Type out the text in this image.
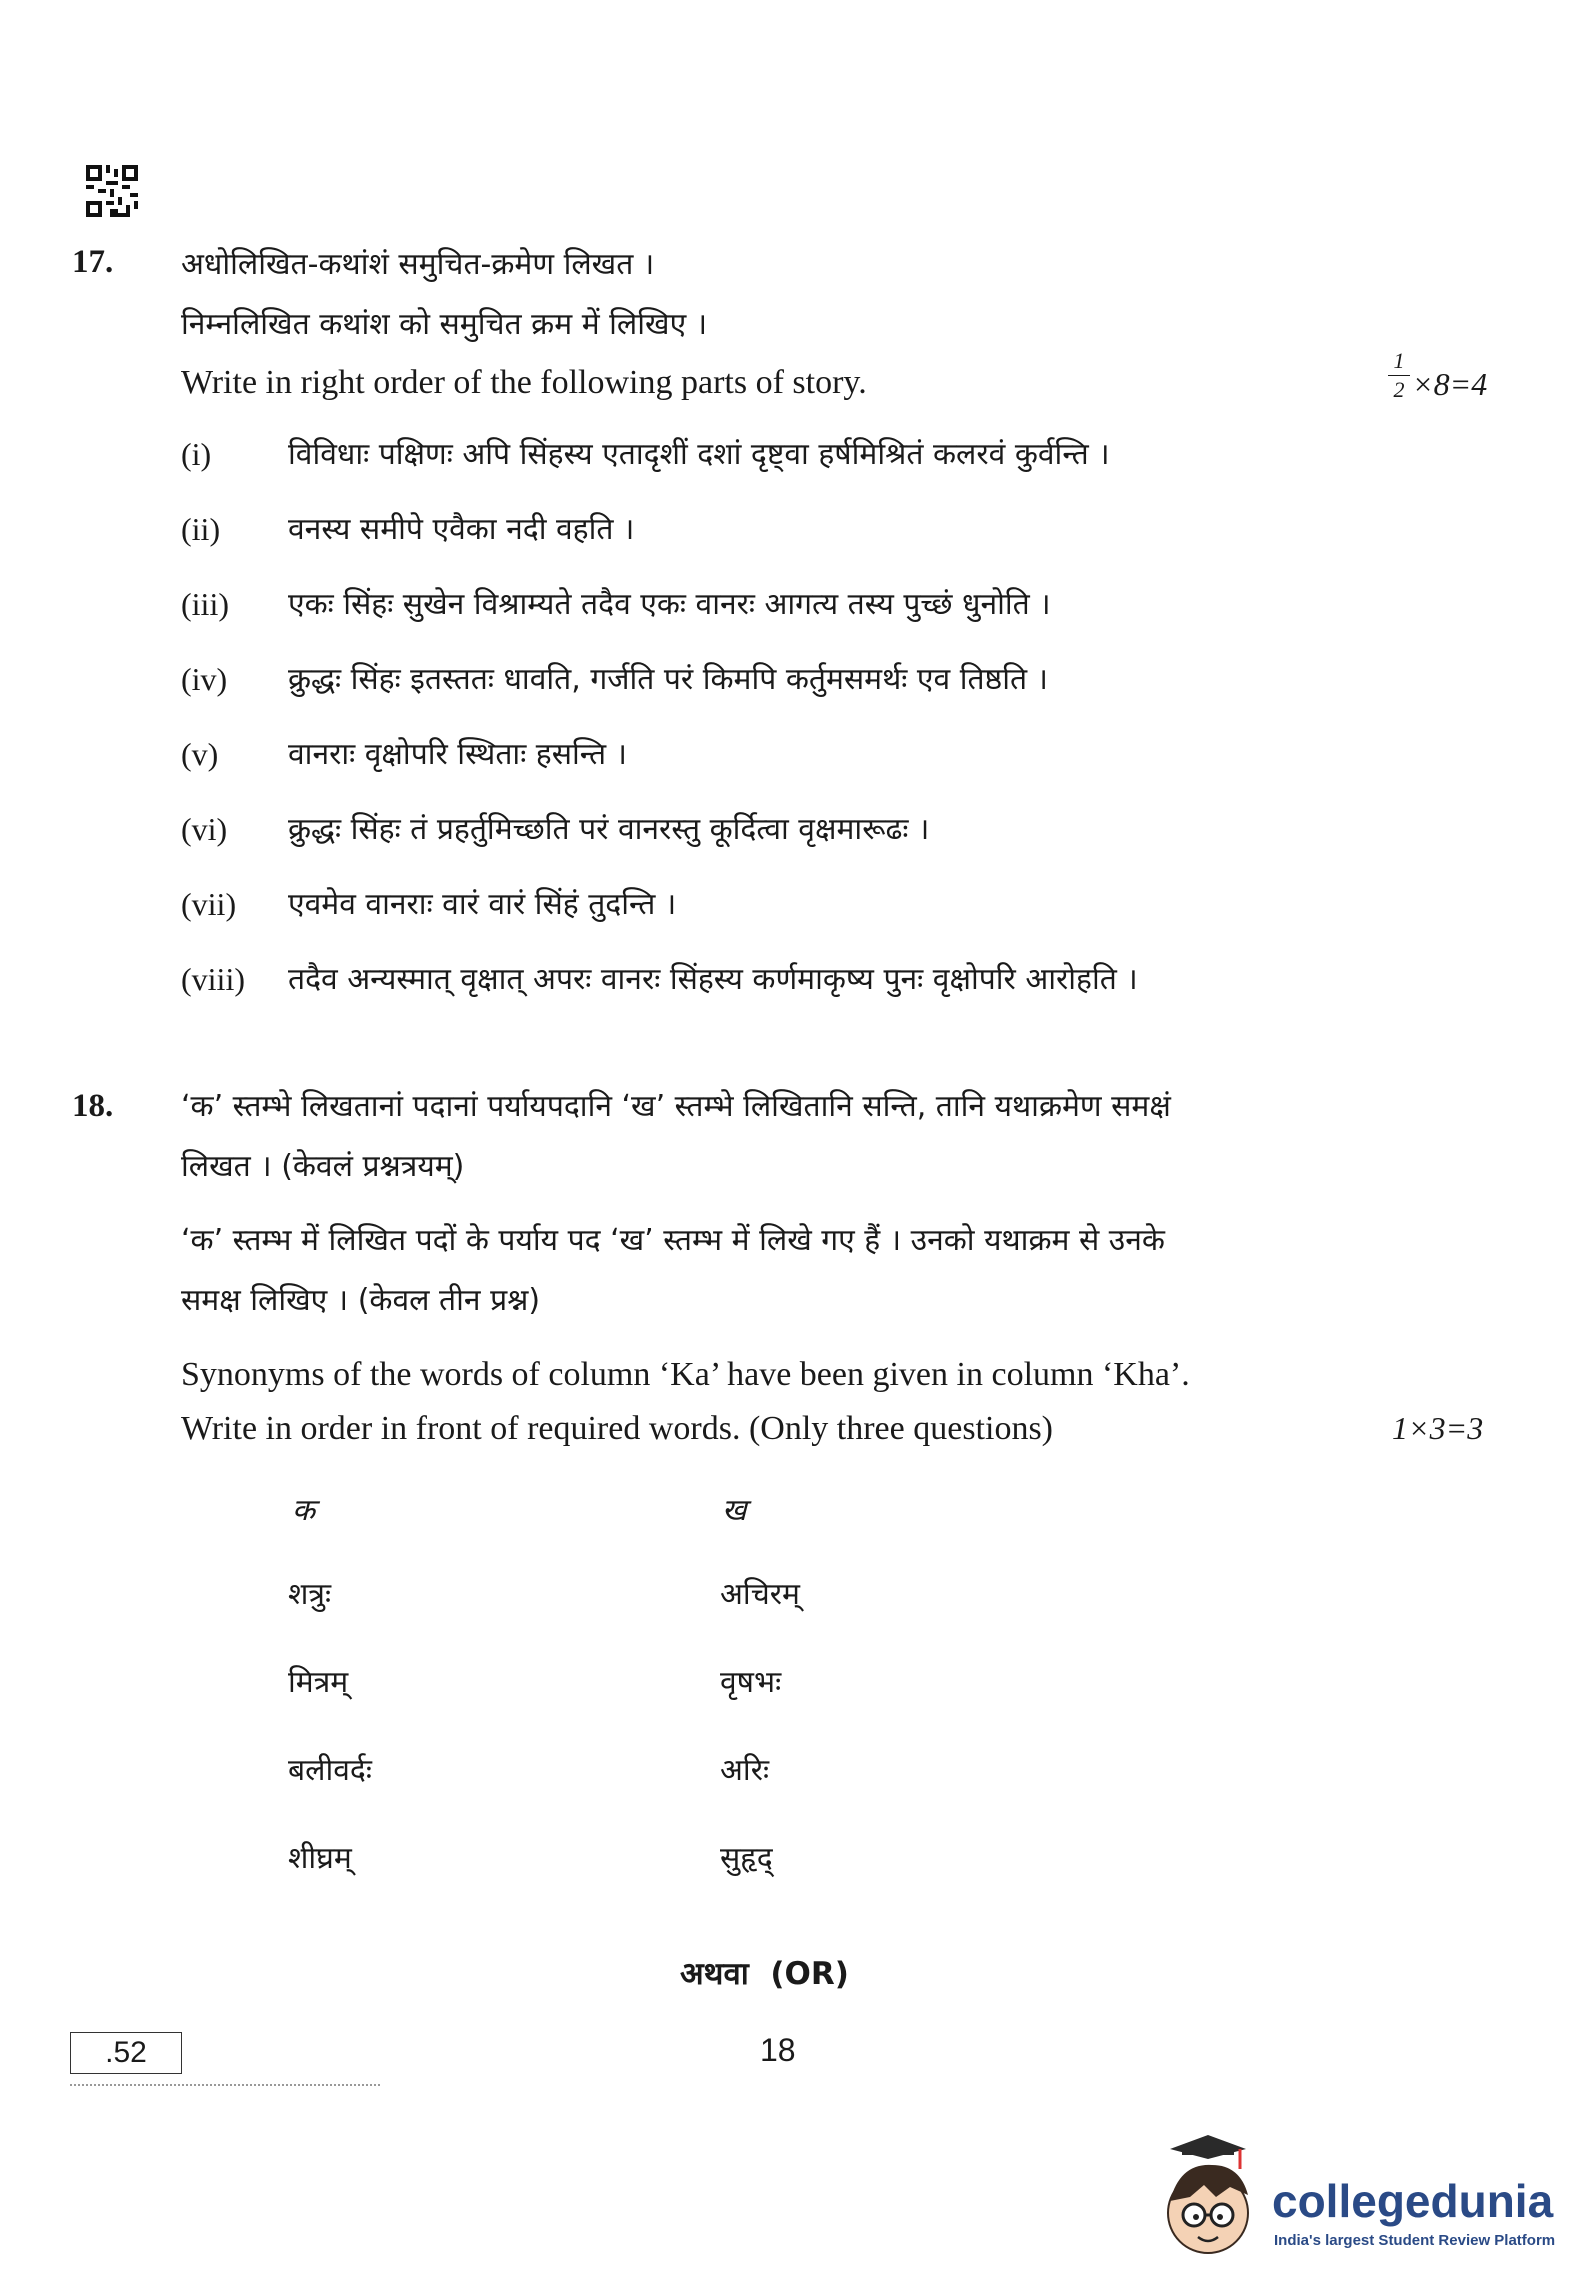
17. अधोलिखित-कथांशं समुचित-क्रमेण लिखत ।
निम्नलिखित कथांश को समुचित क्रम में लिखिए ।
Write in right order of the following parts of story.
1
2 ×8=4
(i)	विविधाः पक्षिणः अपि सिंहस्य एतादृशीं दशां दृष्ट्वा हर्षमिश्रितं कलरवं कुर्वन्ति ।
(ii) वनस्य समीपे एवैका नदी वहति ।
(iii) एकः सिंहः सुखेन विश्राम्यते तदैव एकः वानरः आगत्य तस्य पुच्छं धुनोति ।
(iv) क्रुद्धः सिंहः इतस्ततः धावति, गर्जति परं किमपि कर्तुमसमर्थः एव तिष्ठति ।
(v) वानराः वृक्षोपरि स्थिताः हसन्ति ।
(vi) क्रुद्धः सिंहः तं प्रहर्तुमिच्छति परं वानरस्तु कूर्दित्वा वृक्षमारूढः ।
(vii) एवमेव वानराः वारं वारं सिंहं तुदन्ति ।
(viii) तदैव अन्यस्मात् वृक्षात् अपरः वानरः सिंहस्य कर्णमाकृष्य पुनः वृक्षोपरि आरोहति ।
18. ‘क’ स्तम्भे लिखतानां पदानां पर्यायपदानि ‘ख’ स्तम्भे लिखितानि सन्ति, तानि यथाक्रमेण समक्षं
लिखत । (केवलं प्रश्नत्रयम्)
‘क’ स्तम्भ में लिखित पदों के पर्याय पद ‘ख’ स्तम्भ में लिखे गए हैं । उनको यथाक्रम से उनके
समक्ष लिखिए । (केवल तीन प्रश्न)
Synonyms of the words of column ‘Ka’ have been given in column ‘Kha’.
Write in order in front of required words. (Only three questions)	1×3=3
क	ख
शत्रुः	अचिरम्
मित्रम्	वृषभः
बलीवर्दः	अरिः
शीघ्रम्	सुहृद्
अथवा  (OR)
.52	18
collegedunia
India's largest Student Review Platform
